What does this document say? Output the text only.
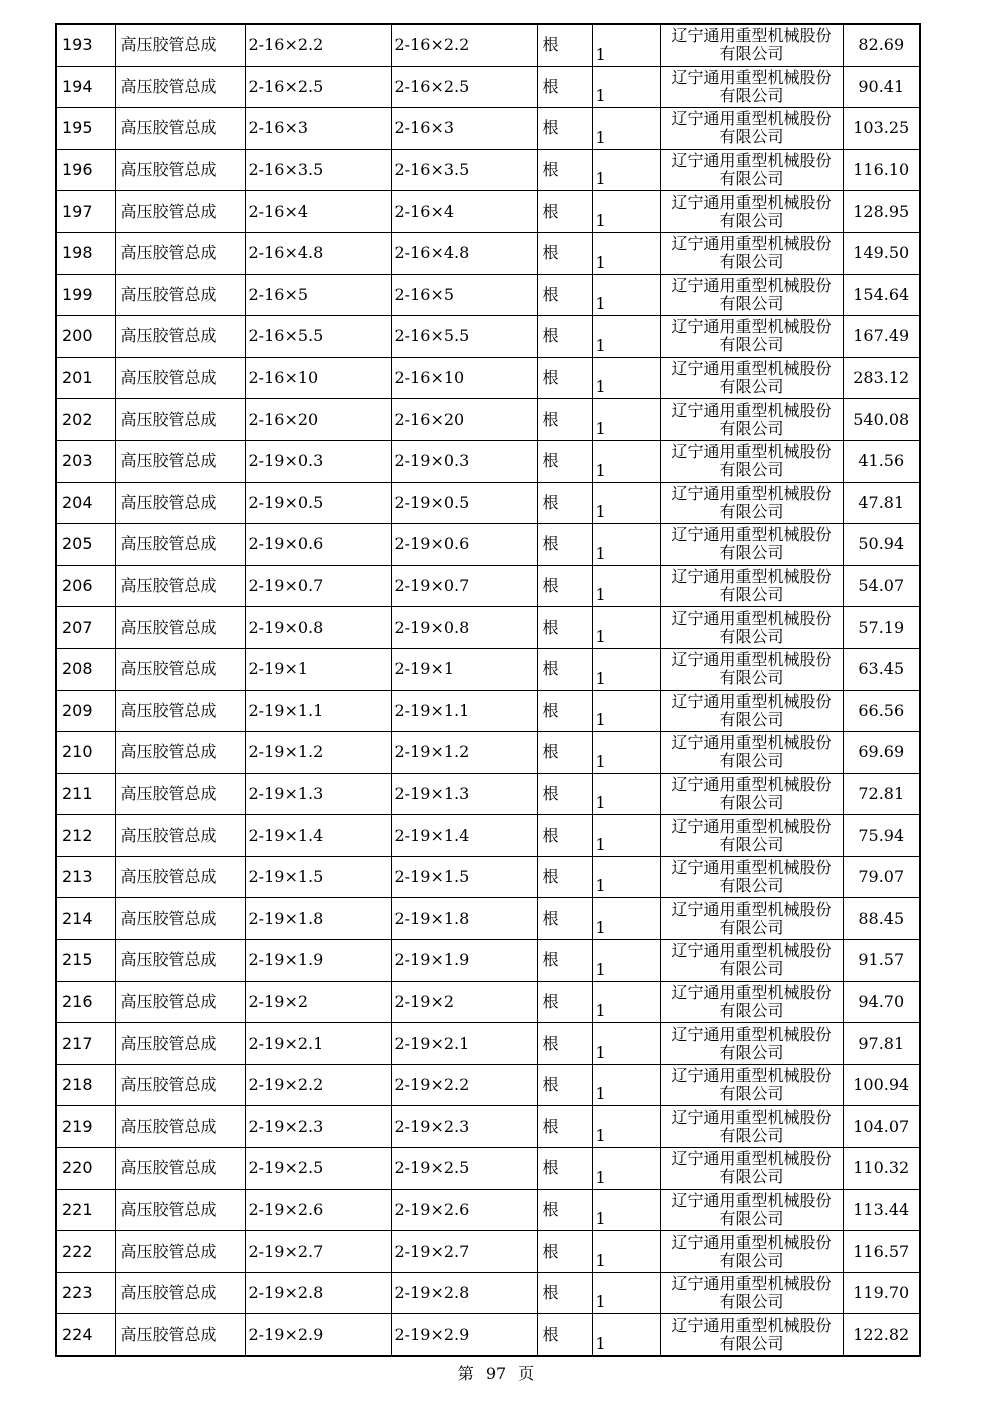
193	高压胶管总成	2-16×2.2	2-16×2.2	根	1	辽宁通用重型机械股份
有限公司	82.69
194	高压胶管总成	2-16×2.5	2-16×2.5	根	1	辽宁通用重型机械股份
有限公司	90.41
195	高压胶管总成	2-16×3	2-16×3	根	1	辽宁通用重型机械股份
有限公司	103.25
196	高压胶管总成	2-16×3.5	2-16×3.5	根	1	辽宁通用重型机械股份
有限公司	116.10
197	高压胶管总成	2-16×4	2-16×4	根	1	辽宁通用重型机械股份
有限公司	128.95
198	高压胶管总成	2-16×4.8	2-16×4.8	根	1	辽宁通用重型机械股份
有限公司	149.50
199	高压胶管总成	2-16×5	2-16×5	根	1	辽宁通用重型机械股份
有限公司	154.64
200	高压胶管总成	2-16×5.5	2-16×5.5	根	1	辽宁通用重型机械股份
有限公司	167.49
201	高压胶管总成	2-16×10	2-16×10	根	1	辽宁通用重型机械股份
有限公司	283.12
202	高压胶管总成	2-16×20	2-16×20	根	1	辽宁通用重型机械股份
有限公司	540.08
203	高压胶管总成	2-19×0.3	2-19×0.3	根	1	辽宁通用重型机械股份
有限公司	41.56
204	高压胶管总成	2-19×0.5	2-19×0.5	根	1	辽宁通用重型机械股份
有限公司	47.81
205	高压胶管总成	2-19×0.6	2-19×0.6	根	1	辽宁通用重型机械股份
有限公司	50.94
206	高压胶管总成	2-19×0.7	2-19×0.7	根	1	辽宁通用重型机械股份
有限公司	54.07
207	高压胶管总成	2-19×0.8	2-19×0.8	根	1	辽宁通用重型机械股份
有限公司	57.19
208	高压胶管总成	2-19×1	2-19×1	根	1	辽宁通用重型机械股份
有限公司	63.45
209	高压胶管总成	2-19×1.1	2-19×1.1	根	1	辽宁通用重型机械股份
有限公司	66.56
210	高压胶管总成	2-19×1.2	2-19×1.2	根	1	辽宁通用重型机械股份
有限公司	69.69
211	高压胶管总成	2-19×1.3	2-19×1.3	根	1	辽宁通用重型机械股份
有限公司	72.81
212	高压胶管总成	2-19×1.4	2-19×1.4	根	1	辽宁通用重型机械股份
有限公司	75.94
213	高压胶管总成	2-19×1.5	2-19×1.5	根	1	辽宁通用重型机械股份
有限公司	79.07
214	高压胶管总成	2-19×1.8	2-19×1.8	根	1	辽宁通用重型机械股份
有限公司	88.45
215	高压胶管总成	2-19×1.9	2-19×1.9	根	1	辽宁通用重型机械股份
有限公司	91.57
216	高压胶管总成	2-19×2	2-19×2	根	1	辽宁通用重型机械股份
有限公司	94.70
217	高压胶管总成	2-19×2.1	2-19×2.1	根	1	辽宁通用重型机械股份
有限公司	97.81
218	高压胶管总成	2-19×2.2	2-19×2.2	根	1	辽宁通用重型机械股份
有限公司	100.94
219	高压胶管总成	2-19×2.3	2-19×2.3	根	1	辽宁通用重型机械股份
有限公司	104.07
220	高压胶管总成	2-19×2.5	2-19×2.5	根	1	辽宁通用重型机械股份
有限公司	110.32
221	高压胶管总成	2-19×2.6	2-19×2.6	根	1	辽宁通用重型机械股份
有限公司	113.44
222	高压胶管总成	2-19×2.7	2-19×2.7	根	1	辽宁通用重型机械股份
有限公司	116.57
223	高压胶管总成	2-19×2.8	2-19×2.8	根	1	辽宁通用重型机械股份
有限公司	119.70
224	高压胶管总成	2-19×2.9	2-19×2.9	根	1	辽宁通用重型机械股份
有限公司	122.82
第 97 页
